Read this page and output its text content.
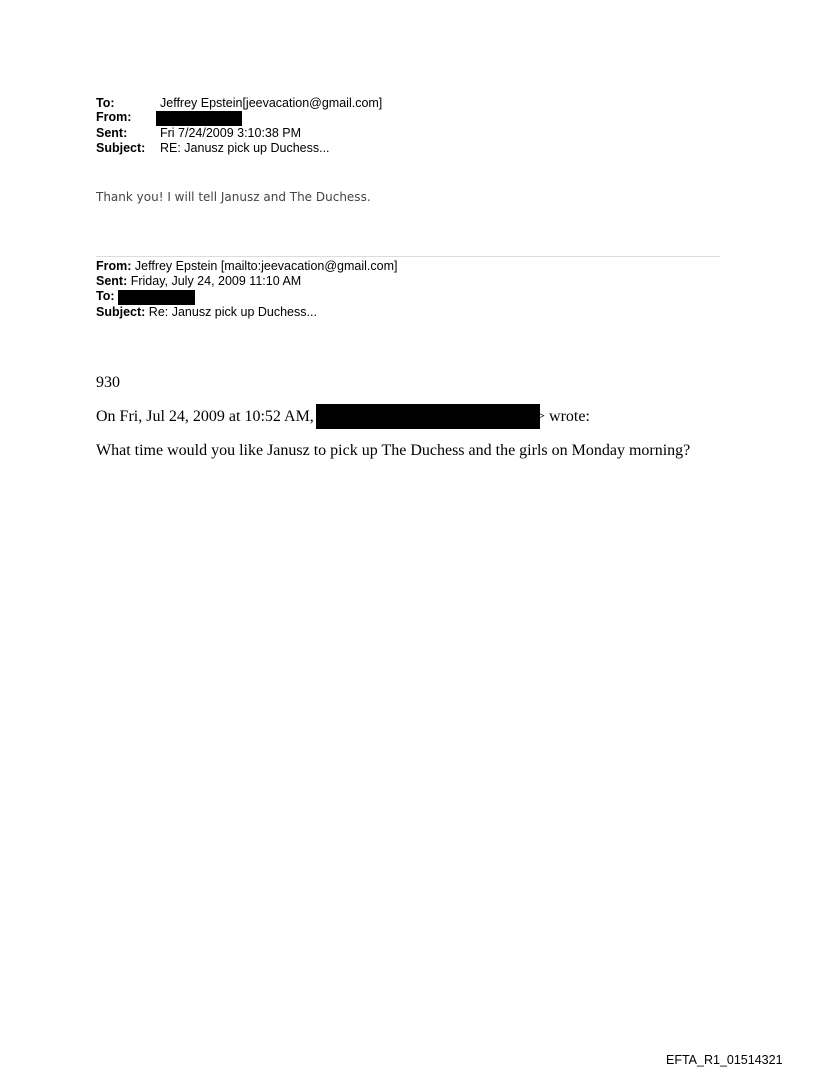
To:	Jeffrey Epstein[jeevacation@gmail.com]
From:
Sent:	Fri 7/24/2009 3:10:38 PM
Subject: RE: Janusz pick up Duchess...
Thank you! I will tell Janusz and The Duchess.
From: Jeffrey Epstein [mailto:jeevacation@gmail.com]
Sent: Friday, July 24, 2009 11:10 AM
To:
Subject: Re: Janusz pick up Duchess...
930
On Fri, Jul 24, 2009 at 10:52 AM,	> wrote:
What time would you like Janusz to pick up The Duchess and the girls on Monday morning?
EFTA_R1_01514321
